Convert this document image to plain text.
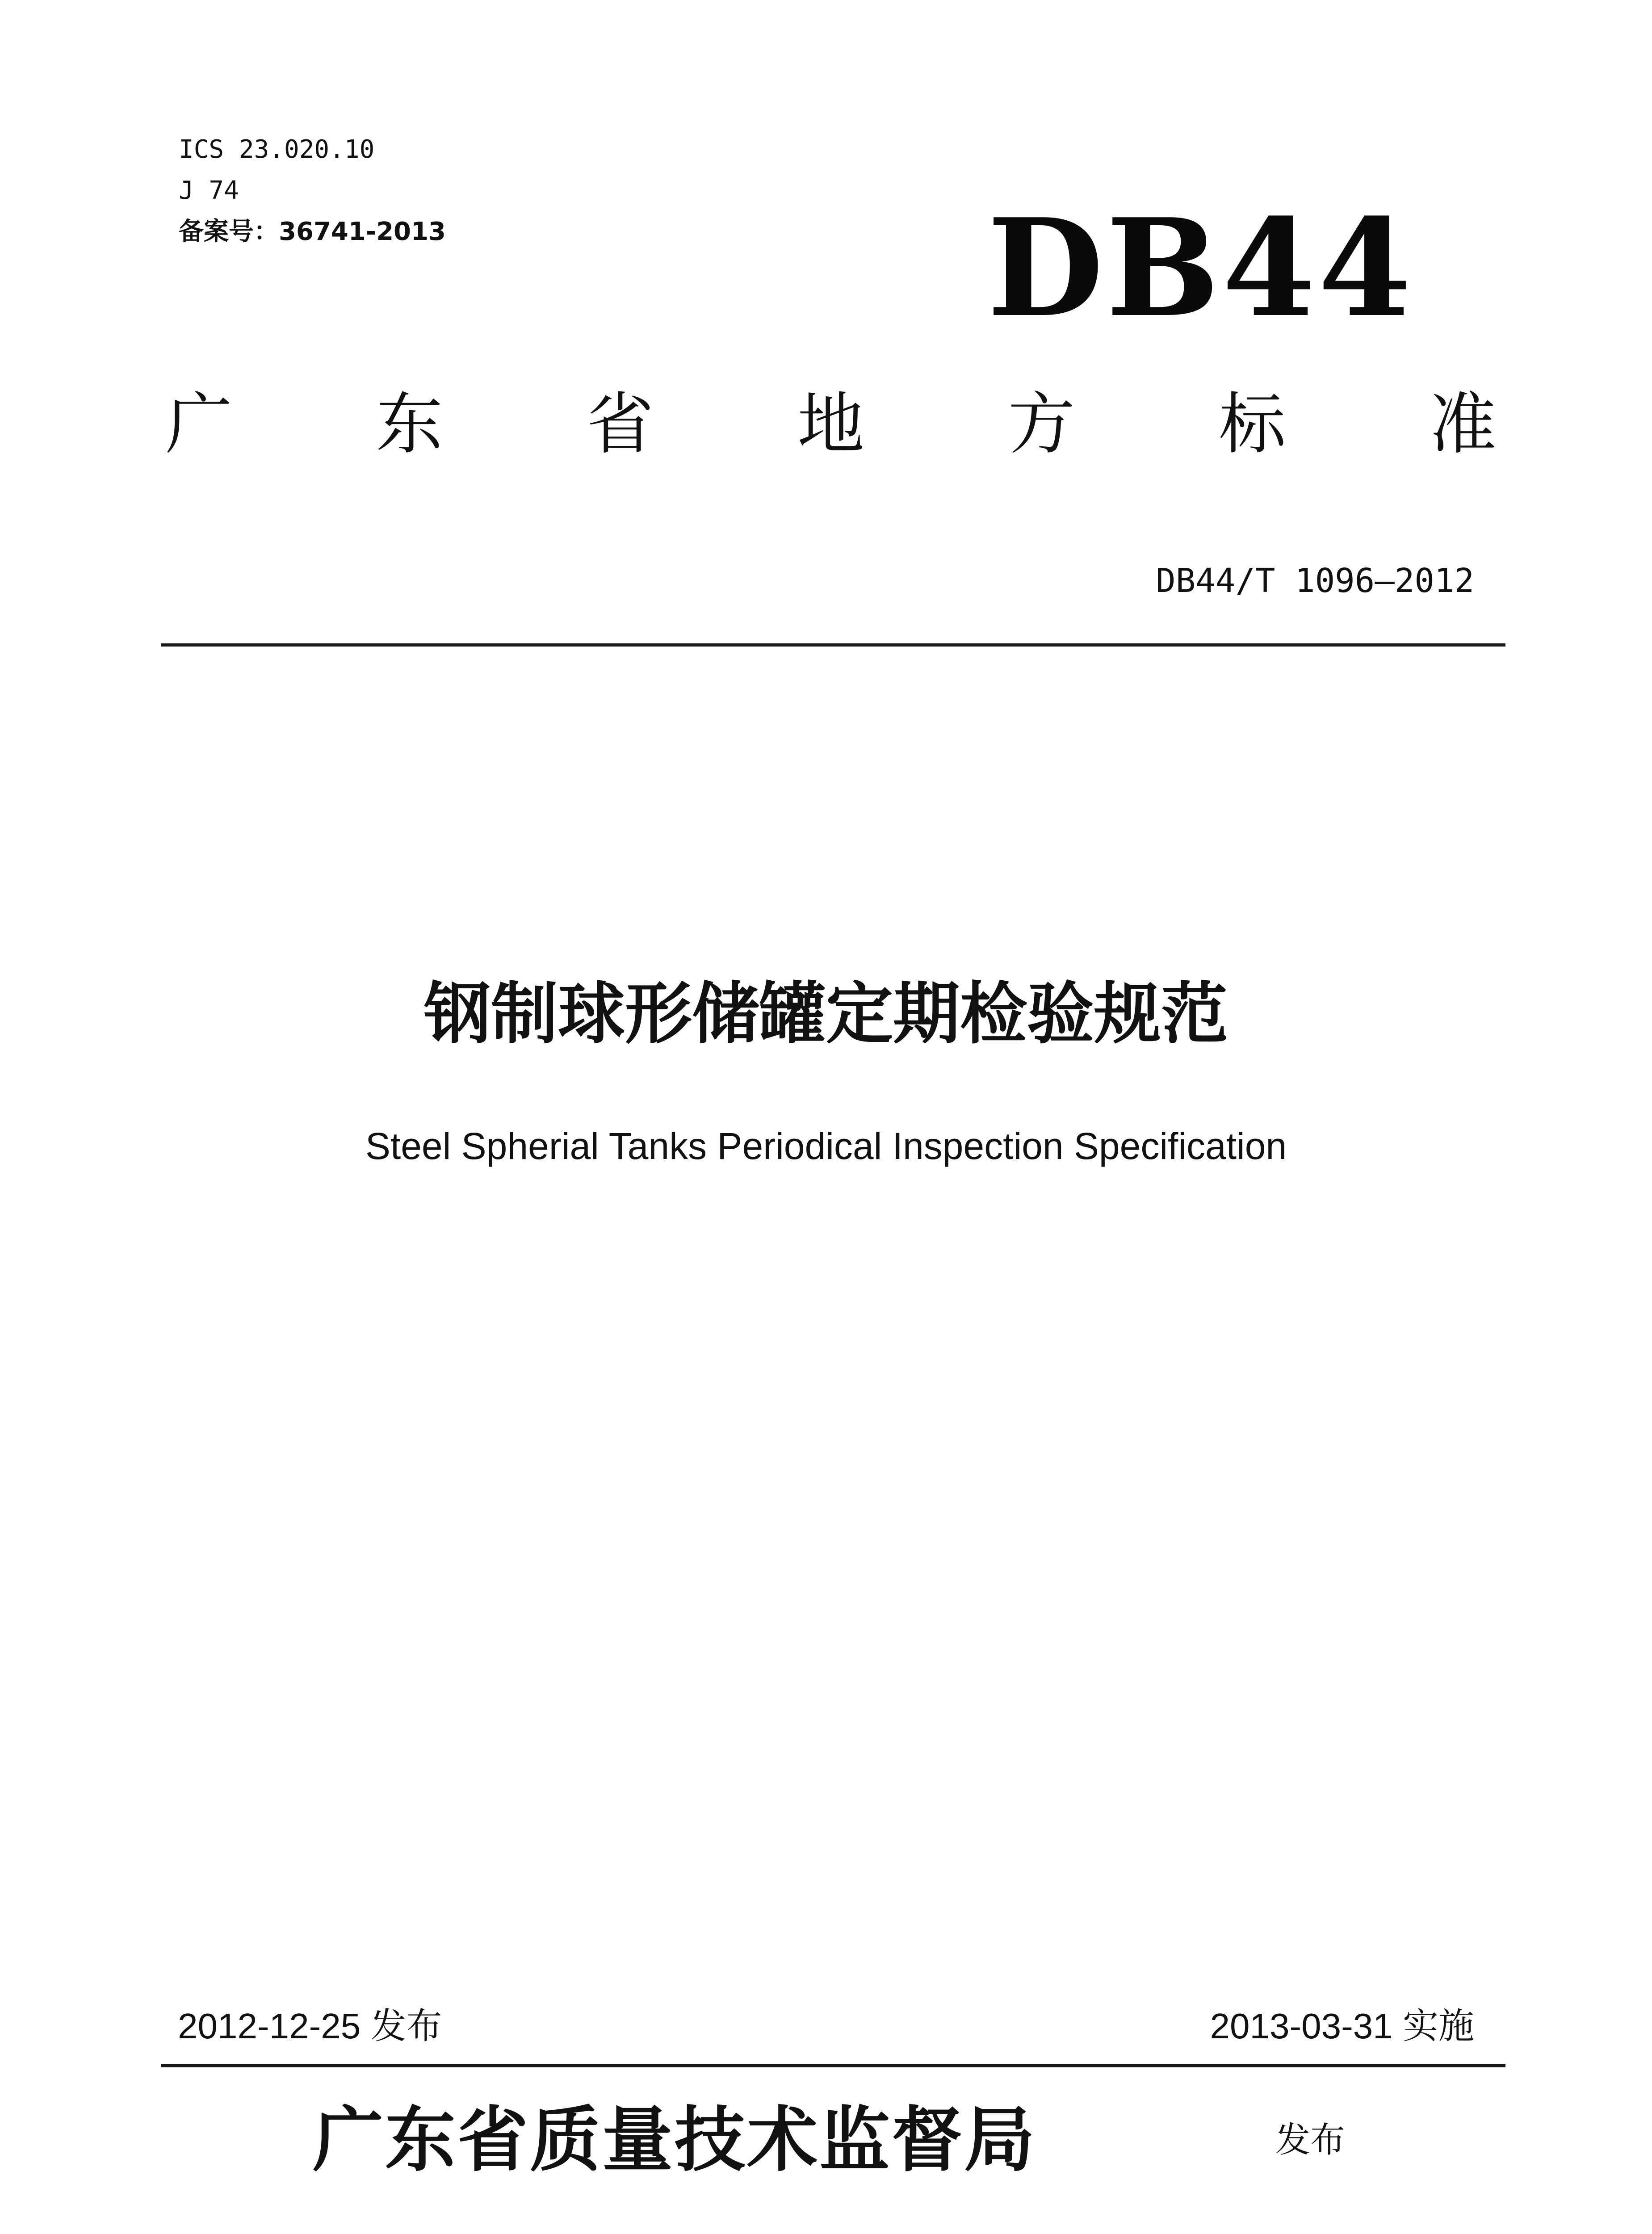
ICS 23.020.10
J 74
备案号：36741-2013	DB44
广 东 省 地 方 标 准
DB44/T 1096—2012
钢制球形储罐定期检验规范
Steel Spherial Tanks Periodical Inspection Specification
2012-12-25 发布	2013-03-31 实施
广东省质量技术监督局	发布
